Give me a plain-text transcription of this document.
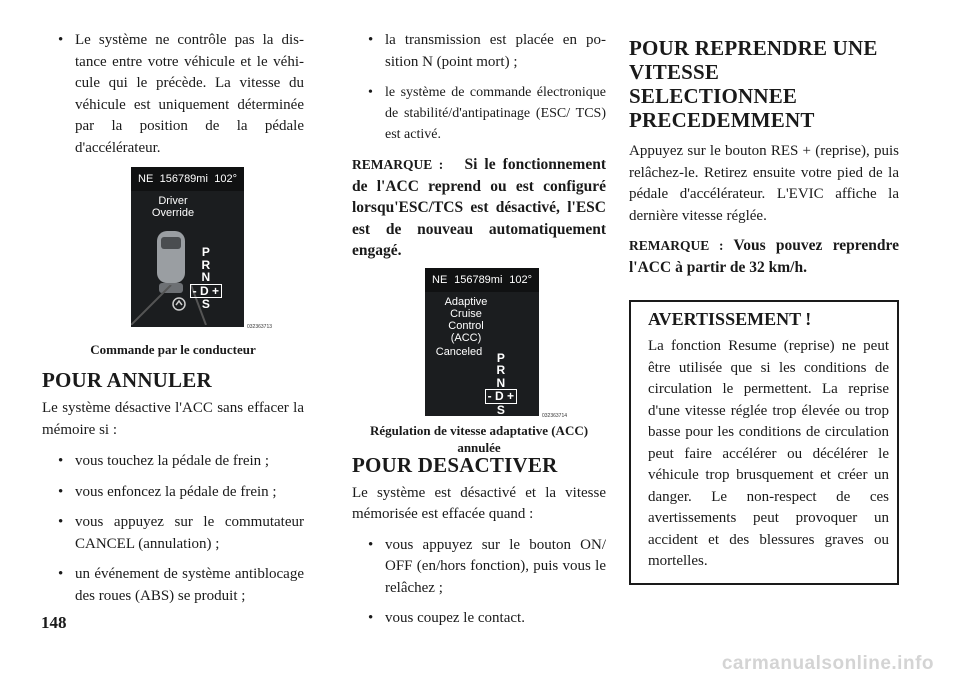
• Le système ne contrôle pas la distance entre votre véhicule et le véhicule qui le précède. La vitesse du véhicule est uniquement déterminée par la position de la pédale d'accélérateur.

NE 156789mi 102°
Driver Override
P
R
N
- D +
S
032363713
Commande par le conducteur
POUR ANNULER

Le système désactive l'ACC sans effacer la mémoire si :

• vous touchez la pédale de frein ;

• vous enfoncez la pédale de frein ;

• vous appuyez sur le commutateur CANCEL (annulation) ;

• un événement de système antiblocage des roues (ABS) se produit ;

• la transmission est placée en position N (point mort) ;

• le système de commande électronique de stabilité/d'antipatinage (ESC/ TCS) est activé.

REMARQUE : Si le fonctionnement de l'ACC reprend ou est configuré lorsqu'ESC/TCS est désactivé, l'ESC est de nouveau automatiquement engagé.

NE 156789mi 102°
Adaptive Cruise Control (ACC)
Canceled	P
R
N
- D +
S	032363714
Régulation de vitesse adaptative (ACC) annulée
POUR DESACTIVER

Le système est désactivé et la vitesse mémorisée est effacée quand :

• vous appuyez sur le bouton ON/ OFF (en/hors fonction), puis vous le relâchez ;

• vous coupez le contact.

POUR REPRENDRE UNE VITESSE SELECTIONNEE PRECEDEMMENT

Appuyez sur le bouton RES + (reprise), puis relâchez-le. Retirez ensuite votre pied de la pédale d'accélérateur. L'EVIC affiche la dernière vitesse réglée.

REMARQUE : Vous pouvez reprendre l'ACC à partir de 32 km/h.

AVERTISSEMENT !

La fonction Resume (reprise) ne peut être utilisée que si les conditions de circulation le permettent. La reprise d'une vitesse réglée trop élevée ou trop basse pour les conditions de circulation peut faire accélérer ou décélérer le véhicule trop brusquement et créer un danger. Le non-respect de ces avertissements peut provoquer un accident et des blessures graves ou mortelles.

148
carmanualsonline.info
